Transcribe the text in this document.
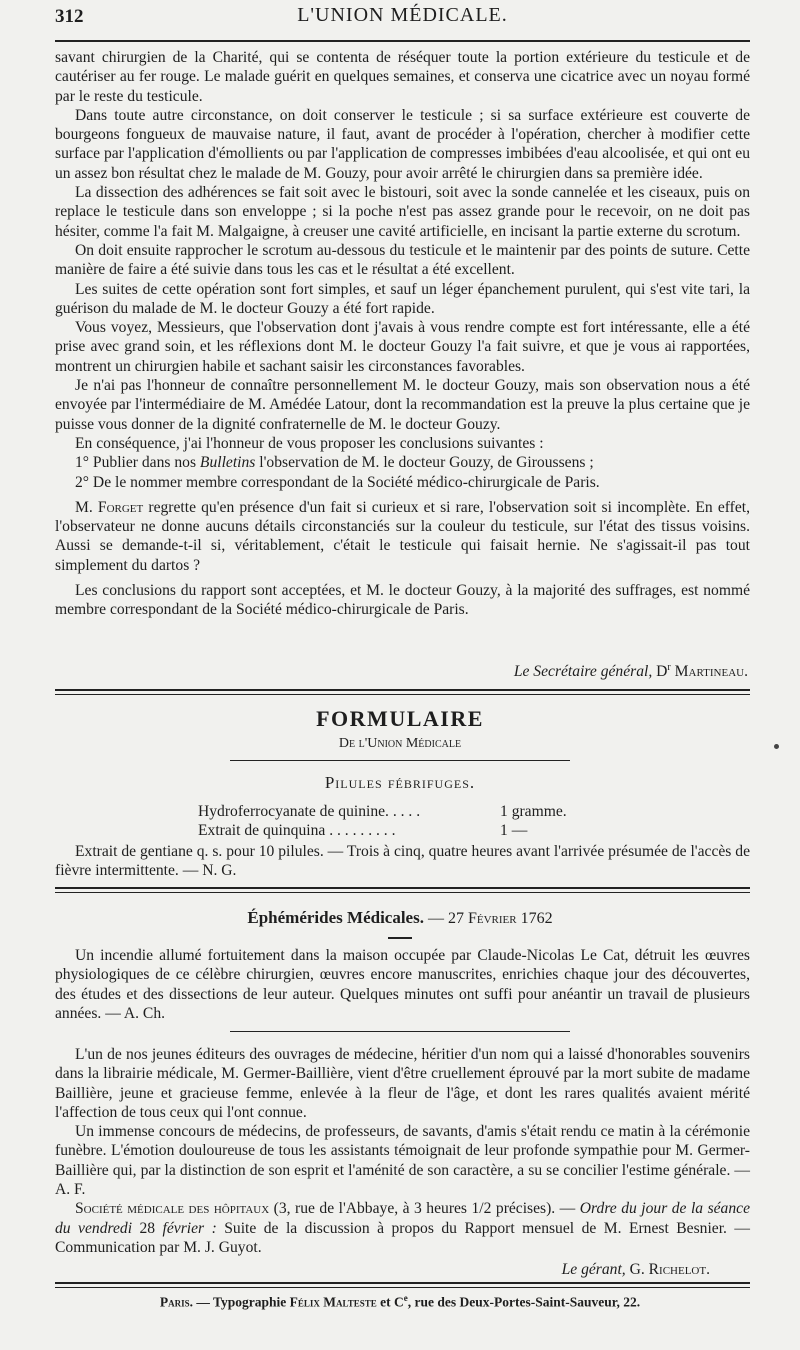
312	L'UNION MÉDICALE.

savant chirurgien de la Charité, qui se contenta de réséquer toute la portion extérieure du testicule et de cautériser au fer rouge. Le malade guérit en quelques semaines, et conserva une cicatrice avec un noyau formé par le reste du testicule.

Dans toute autre circonstance, on doit conserver le testicule ; si sa surface extérieure est couverte de bourgeons fongueux de mauvaise nature, il faut, avant de procéder à l'opération, chercher à modifier cette surface par l'application d'émollients ou par l'application de compresses imbibées d'eau alcoolisée, et qui ont eu un assez bon résultat chez le malade de M. Gouzy, pour avoir arrêté le chirurgien dans sa première idée.

La dissection des adhérences se fait soit avec le bistouri, soit avec la sonde cannelée et les ciseaux, puis on replace le testicule dans son enveloppe ; si la poche n'est pas assez grande pour le recevoir, on ne doit pas hésiter, comme l'a fait M. Malgaigne, à creuser une cavité artificielle, en incisant la partie externe du scrotum.

On doit ensuite rapprocher le scrotum au-dessous du testicule et le maintenir par des points de suture. Cette manière de faire a été suivie dans tous les cas et le résultat a été excellent.

Les suites de cette opération sont fort simples, et sauf un léger épanchement purulent, qui s'est vite tari, la guérison du malade de M. le docteur Gouzy a été fort rapide.

Vous voyez, Messieurs, que l'observation dont j'avais à vous rendre compte est fort intéressante, elle a été prise avec grand soin, et les réflexions dont M. le docteur Gouzy l'a fait suivre, et que je vous ai rapportées, montrent un chirurgien habile et sachant saisir les circonstances favorables.

Je n'ai pas l'honneur de connaître personnellement M. le docteur Gouzy, mais son observation nous a été envoyée par l'intermédiaire de M. Amédée Latour, dont la recommandation est la preuve la plus certaine que je puisse vous donner de la dignité confraternelle de M. le docteur Gouzy.

En conséquence, j'ai l'honneur de vous proposer les conclusions suivantes :

1° Publier dans nos Bulletins l'observation de M. le docteur Gouzy, de Giroussens ;

2° De le nommer membre correspondant de la Société médico-chirurgicale de Paris.

M. Forget regrette qu'en présence d'un fait si curieux et si rare, l'observation soit si incomplète. En effet, l'observateur ne donne aucuns détails circonstanciés sur la couleur du testicule, sur l'état des tissus voisins. Aussi se demande-t-il si, véritablement, c'était le testicule qui faisait hernie. Ne s'agissait-il pas tout simplement du dartos ?

Les conclusions du rapport sont acceptées, et M. le docteur Gouzy, à la majorité des suffrages, est nommé membre correspondant de la Société médico-chirurgicale de Paris.

Le Secrétaire général, $D^r$ Martineau.
FORMULAIRE
De l'Union Médicale
Pilules fébrifuges.
Hydroferrocyanate de quinine. . . . .	1 gramme.
Extrait de quinquina . . . . . . . . .	1 —

Extrait de gentiane q. s. pour 10 pilules. — Trois à cinq, quatre heures avant l'arrivée présumée de l'accès de fièvre intermittente. — N. G.

Éphémérides Médicales. — 27 Février 1762

Un incendie allumé fortuitement dans la maison occupée par Claude-Nicolas Le Cat, détruit les œuvres physiologiques de ce célèbre chirurgien, œuvres encore manuscrites, enrichies chaque jour des découvertes, des études et des dissections de leur auteur. Quelques minutes ont suffi pour anéantir un travail de plusieurs années. — A. Ch.

L'un de nos jeunes éditeurs des ouvrages de médecine, héritier d'un nom qui a laissé d'honorables souvenirs dans la librairie médicale, M. Germer-Baillière, vient d'être cruellement éprouvé par la mort subite de madame Baillière, jeune et gracieuse femme, enlevée à la fleur de l'âge, et dont les rares qualités avaient mérité l'affection de tous ceux qui l'ont connue.

Un immense concours de médecins, de professeurs, de savants, d'amis s'était rendu ce matin à la cérémonie funèbre. L'émotion douloureuse de tous les assistants témoignait de leur profonde sympathie pour M. Germer-Baillière qui, par la distinction de son esprit et l'aménité de son caractère, a su se concilier l'estime générale. — A. F.

Société médicale des hôpitaux (3, rue de l'Abbaye, à 3 heures 1/2 précises). — Ordre du jour de la séance du vendredi 28 février : Suite de la discussion à propos du Rapport mensuel de M. Ernest Besnier. — Communication par M. J. Guyot.

Le gérant, G. Richelot.
Paris. — Typographie Félix Malteste et Ce, rue des Deux-Portes-Saint-Sauveur, 22.
